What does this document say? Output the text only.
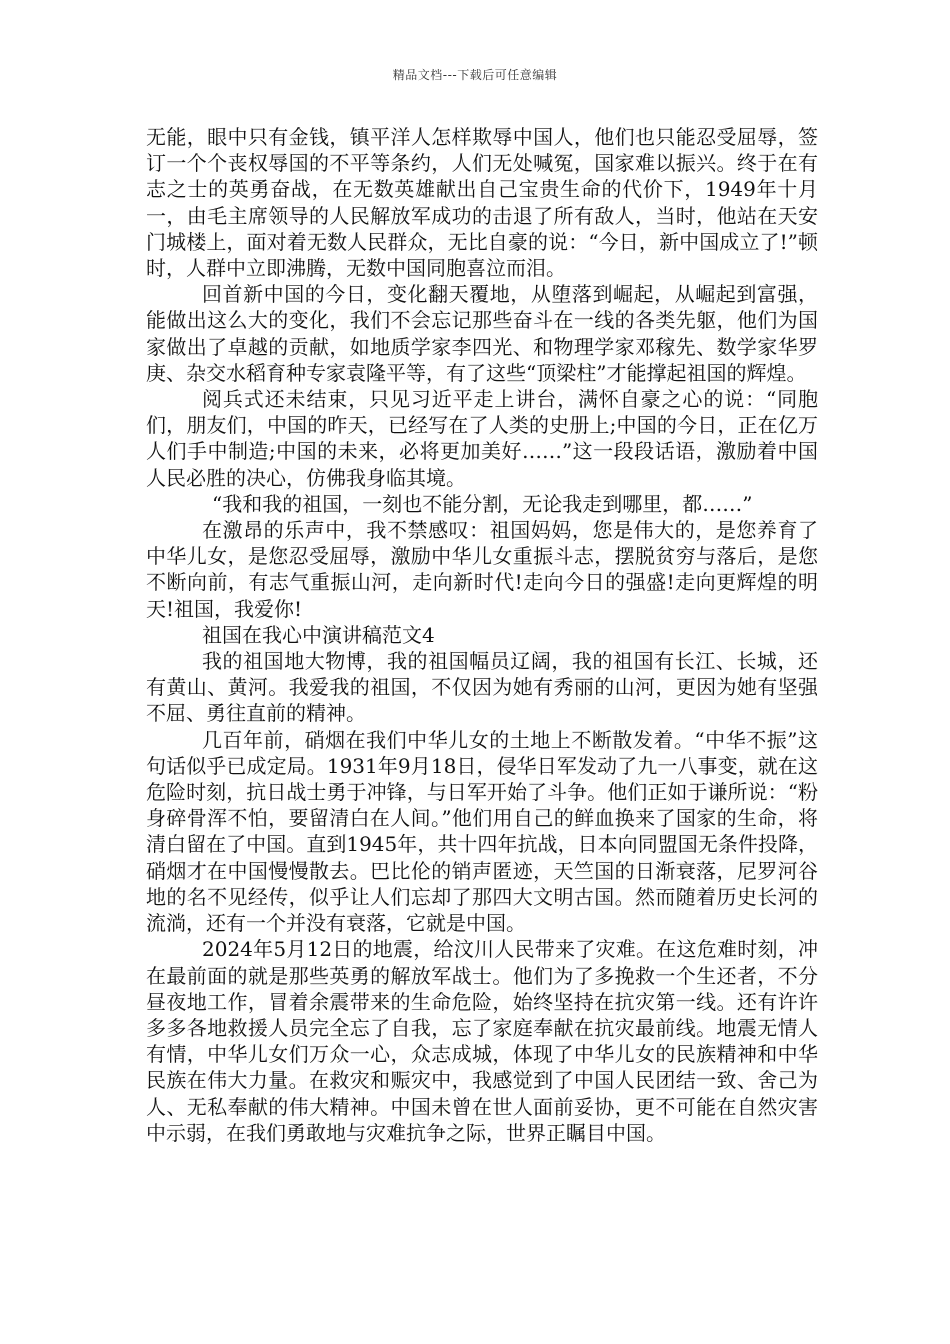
精品文档---下载后可任意编辑

无能，眼中只有金钱，镇平洋人怎样欺辱中国人，他们也只能忍受屈辱，签订一个个丧权辱国的不平等条约，人们无处喊冤，国家难以振兴。终于在有志之士的英勇奋战，在无数英雄献出自己宝贵生命的代价下，1949年十月一，由毛主席领导的人民解放军成功的击退了所有敌人，当时，他站在天安门城楼上，面对着无数人民群众，无比自豪的说：“今日，新中国成立了!”顿时，人群中立即沸腾，无数中国同胞喜泣而泪。

回首新中国的今日，变化翻天覆地，从堕落到崛起，从崛起到富强，能做出这么大的变化，我们不会忘记那些奋斗在一线的各类先躯，他们为国家做出了卓越的贡献，如地质学家李四光、和物理学家邓稼先、数学家华罗庚、杂交水稻育种专家袁隆平等，有了这些“顶梁柱”才能撑起祖国的辉煌。

阅兵式还未结束，只见习近平走上讲台，满怀自豪之心的说：“同胞们，朋友们，中国的昨天，已经写在了人类的史册上;中国的今日，正在亿万人们手中制造;中国的未来，必将更加美好……”这一段段话语，激励着中国人民必胜的决心，仿佛我身临其境。

“我和我的祖国，一刻也不能分割，无论我走到哪里，都……”

在激昂的乐声中，我不禁感叹：祖国妈妈，您是伟大的，是您养育了中华儿女，是您忍受屈辱，激励中华儿女重振斗志，摆脱贫穷与落后，是您不断向前，有志气重振山河，走向新时代!走向今日的强盛!走向更辉煌的明天!祖国，我爱你!

祖国在我心中演讲稿范文4

我的祖国地大物博，我的祖国幅员辽阔，我的祖国有长江、长城，还有黄山、黄河。我爱我的祖国，不仅因为她有秀丽的山河，更因为她有坚强不屈、勇往直前的精神。

几百年前，硝烟在我们中华儿女的土地上不断散发着。“中华不振”这句话似乎已成定局。1931年9月18日，侵华日军发动了九一八事变，就在这危险时刻，抗日战士勇于冲锋，与日军开始了斗争。他们正如于谦所说：“粉身碎骨浑不怕，要留清白在人间。”他们用自己的鲜血换来了国家的生命，将清白留在了中国。直到1945年，共十四年抗战，日本向同盟国无条件投降，硝烟才在中国慢慢散去。巴比伦的销声匿迹，天竺国的日渐衰落，尼罗河谷地的名不见经传，似乎让人们忘却了那四大文明古国。然而随着历史长河的流淌，还有一个并没有衰落，它就是中国。

2024年5月12日的地震，给汶川人民带来了灾难。在这危难时刻，冲在最前面的就是那些英勇的解放军战士。他们为了多挽救一个生还者，不分昼夜地工作，冒着余震带来的生命危险，始终坚持在抗灾第一线。还有许许多多各地救援人员完全忘了自我，忘了家庭奉献在抗灾最前线。地震无情人有情，中华儿女们万众一心，众志成城，体现了中华儿女的民族精神和中华民族在伟大力量。在救灾和赈灾中，我感觉到了中国人民团结一致、舍己为人、无私奉献的伟大精神。中国未曾在世人面前妥协，更不可能在自然灾害中示弱，在我们勇敢地与灾难抗争之际，世界正瞩目中国。
